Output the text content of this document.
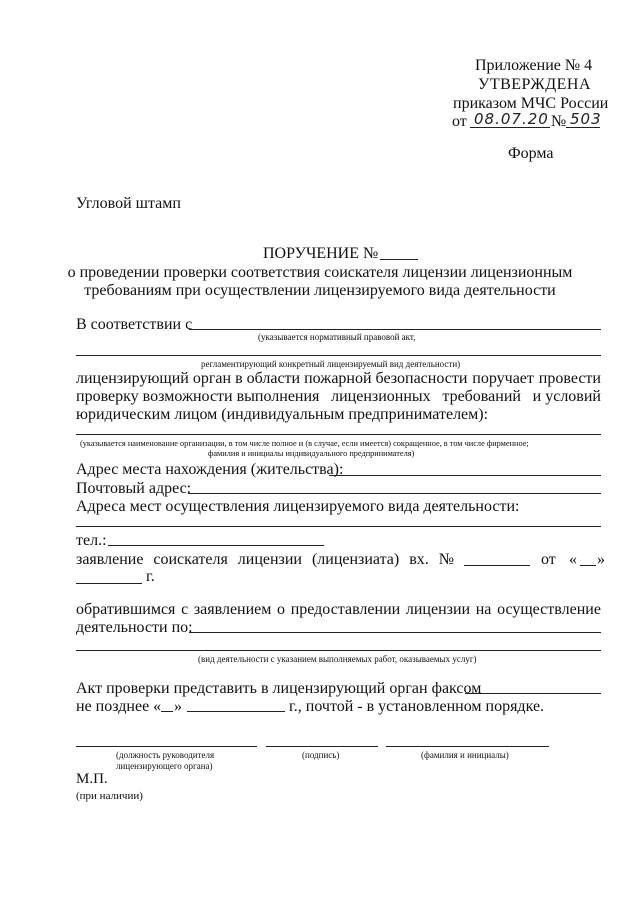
Приложение № 4
УТВЕРЖДЕНА
приказом МЧС России
от 08.07.20 № 503
Форма
Угловой штамп
ПОРУЧЕНИЕ №
о проведении проверки соответствия соискателя лицензии лицензионным
требованиям при осуществлении лицензируемого вида деятельности
В соответствии с
(указывается нормативный правовой акт,
регламентирующий конкретный лицензируемый вид деятельности)
лицензирующий орган в области пожарной безопасности поручает провести
проверку возможности выполнения лицензионных требований и условий
юридическим лицом (индивидуальным предпринимателем):
(указывается наименование организации, в том числе полное и (в случае, если имеется) сокращенное, в том числе фирменное;
фамилия и инициалы индивидуального предпринимателя)
Адрес места нахождения (жительства):
Почтовый адрес:
Адреса мест осуществления лицензируемого вида деятельности:
тел.:
заявление соискателя лицензии (лицензиата) вх. №	от « »
г.
обратившимся с заявлением о предоставлении лицензии на осуществление
деятельности по:
(вид деятельности с указанием выполняемых работ, оказываемых услуг)
Акт проверки представить в лицензирующий орган факсом
не позднее « »	г., почтой - в установленном порядке.
(должность руководителя
лицензирующего органа)
(подпись)	(фамилия и инициалы)
М.П.
(при наличии)
